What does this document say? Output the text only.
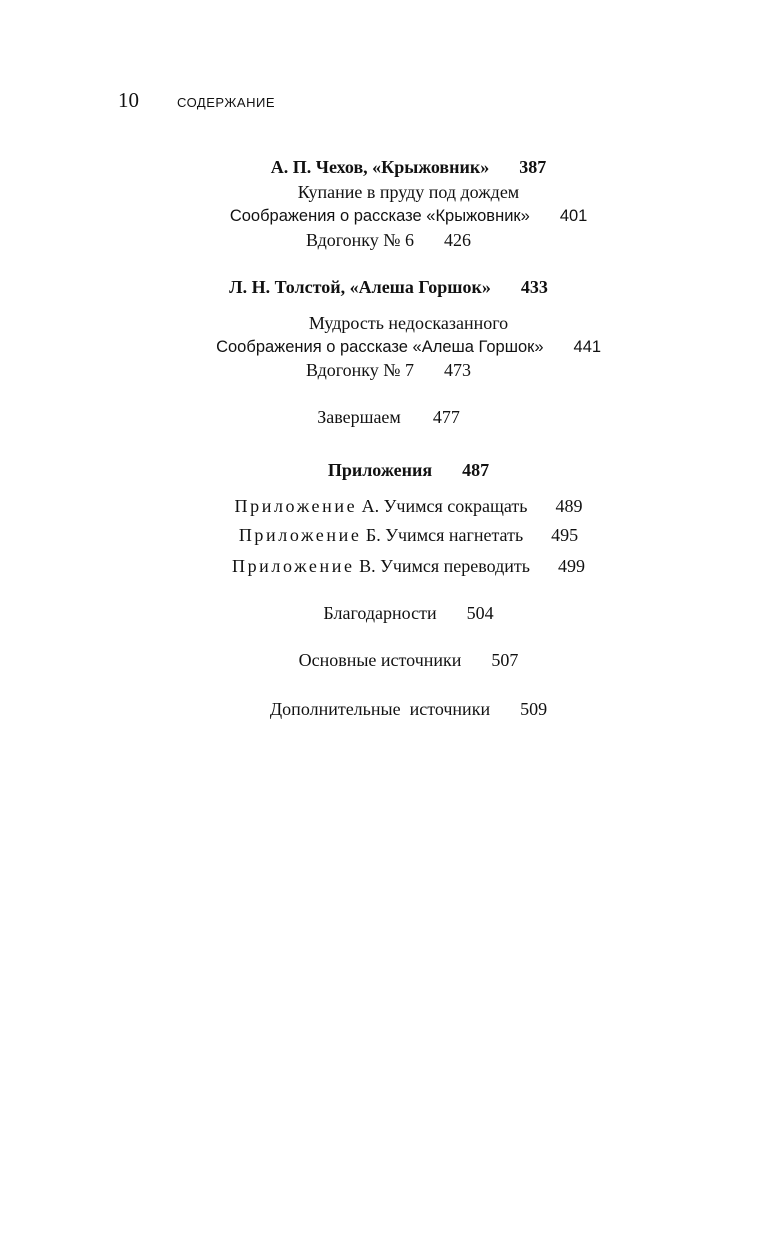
10	СОДЕРЖАНИЕ

А. П. Чехов, «Крыжовник» 387

Купание в пруду под дождем

Соображения о рассказе «Крыжовник» 401

Вдогонку № 6 426

Л. Н. Толстой, «Алеша Горшок» 433

Мудрость недосказанного

Соображения о рассказе «Алеша Горшок» 441

Вдогонку № 7 473

Завершаем 477

Приложения 487

Приложение А. Учимся сокращать 489

Приложение Б. Учимся нагнетать 495

Приложение В. Учимся переводить 499

Благодарности 504

Основные источники 507

Дополнительные  источники 509
